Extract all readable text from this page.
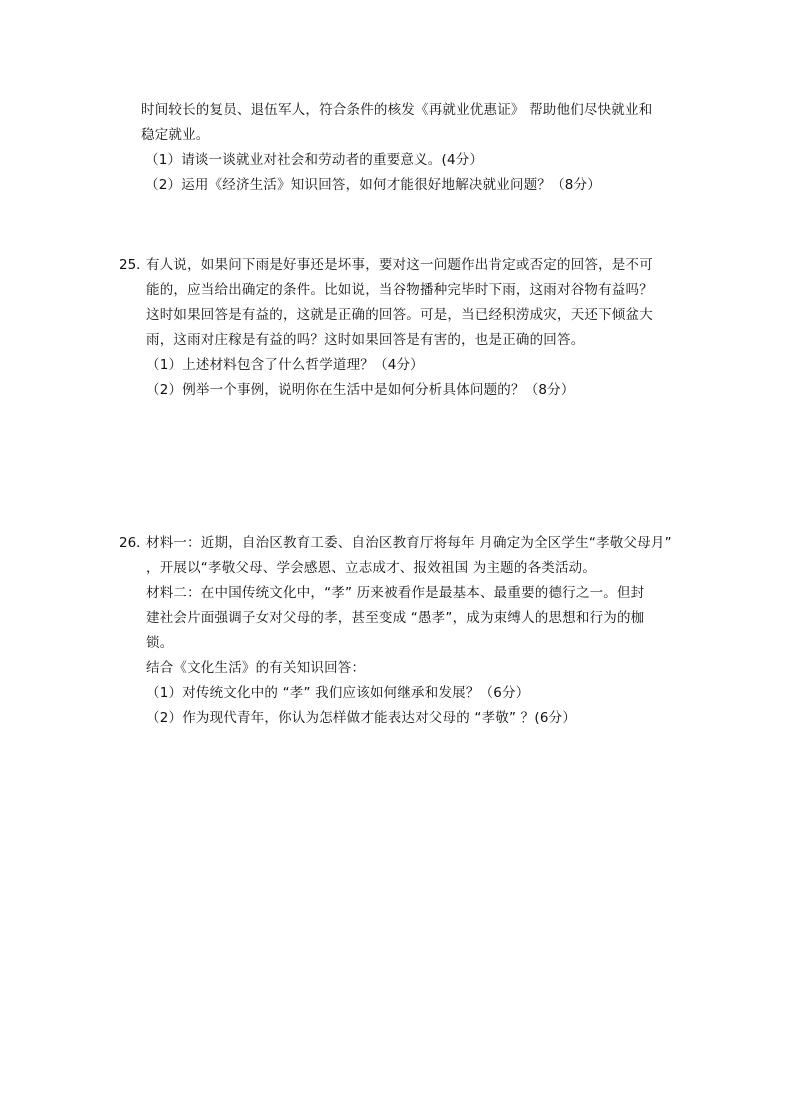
时间较长的复员、退伍军人，符合条件的核发《再就业优惠证》 帮助他们尽快就业和
稳定就业。
（1）请谈一谈就业对社会和劳动者的重要意义。(4分）
（2）运用《经济生活》知识回答，如何才能很好地解决就业问题？（8分）
25．
有人说，如果问下雨是好事还是坏事，要对这一问题作出肯定或否定的回答，是不可
能的，应当给出确定的条件。比如说，当谷物播种完毕时下雨，这雨对谷物有益吗？
这时如果回答是有益的，这就是正确的回答。可是，当已经积涝成灾，天还下倾盆大
雨，这雨对庄稼是有益的吗？这时如果回答是有害的，也是正确的回答。
（1）上述材料包含了什么哲学道理？（4分）
（2）例举一个事例，说明你在生活中是如何分析具体问题的？（8分）
26．
材料一：近期，自治区教育工委、自治区教育厅将每年 月确定为全区学生“孝敬父母月”
，开展以“孝敬父母、学会感恩、立志成才、报效祖国 为主题的各类活动。
材料二：在中国传统文化中，“孝” 历来被看作是最基本、最重要的德行之一。但封
建社会片面强调子女对父母的孝，甚至变成 “愚孝”，成为束缚人的思想和行为的枷
锁。
结合《文化生活》的有关知识回答：
（1）对传统文化中的 “孝” 我们应该如何继承和发展？（6分）
（2）作为现代青年，你认为怎样做才能表达对父母的 “孝敬” ？(6分）
